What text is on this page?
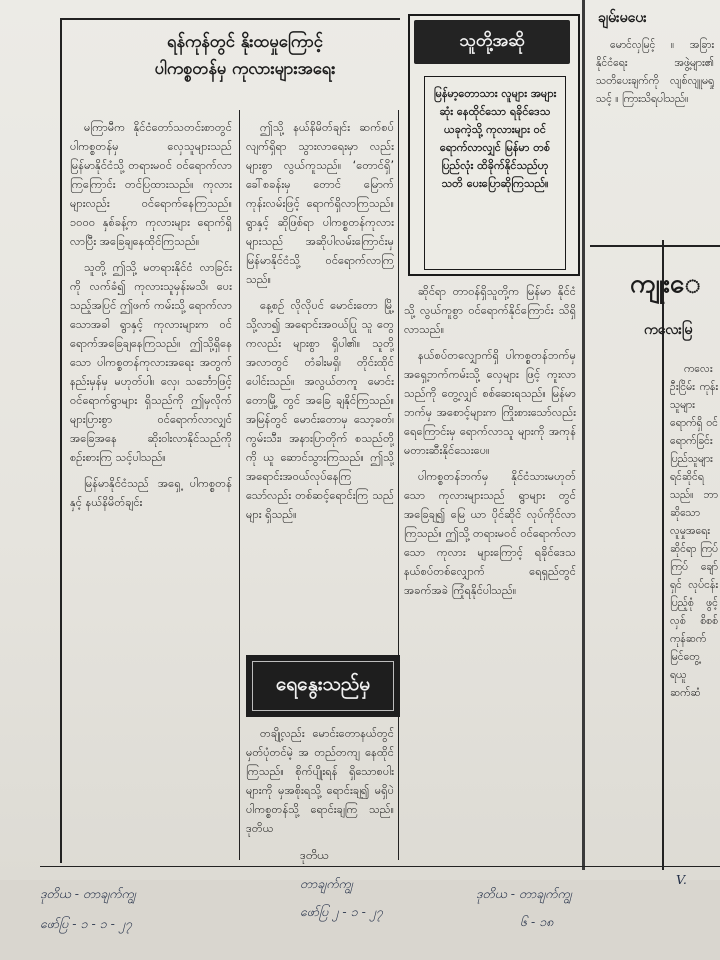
ရန်ကုန်တွင် နိုးထမှုကြောင့်
ပါကစ္စတန်မှ ကုလားများအရေး

မကြာမီက နိုင်ငံတော်သတင်းစာတွင် ပါကစ္စတန်မှ လှေသူများသည် မြန်မာနိုင်ငံသို့ တရားမဝင် ဝင်ရောက်လာကြကြောင်း တင်ပြထားသည်။ ကုလားများလည်း ဝင်ရောက်နေကြသည်။ ၁၀၀၀ နှစ်ခန့်က ကုလားများ ရောက်ရှိလာပြီး အခြေချနေထိုင်ကြသည်။

သူတို့ ဤသို့ မတရားနိုင်ငံ လာခြင်းကို လက်ခံ၍ ကုလားသူမှန်းမသိ၊ ပေးသည့်အပြင် ဤဖက် ကမ်းသို့ ရောက်လာသောအခါ ရွာနှင့် ကုလားများက ဝင်ရောက်အခြေချနေကြသည်။ ဤသို့ရှိနေသော ပါကစ္စတန်ကုလားအရေး အတွက် နည်းမှန်မှ မဟုတ်ပါ။ လှေ၊ သင်္ဘောဖြင့် ဝင်ရောက်ရွာများ ရှိသည်ကို ဤမှလိုက် များပြားစွာ ဝင်ရောက်လာလျှင် အခြေအနေ ဆိုးဝါးလာနိုင်သည်ကို စဉ်းစားကြ သင့်ပါသည်။

မြန်မာနိုင်ငံသည် အရှေ့ ပါကစ္စတန်နှင့် နယ်နိမိတ်ချင်း

ဤသို့ နယ်နိမိတ်ချင်း ဆက်စပ်လျက်ရှိရာ သွားလာရေးမှာ လည်း များစွာ လွယ်ကူသည်။ ‘တောင်ရှိ’ ခေါ်စခန်းမှ တောင် မြောက်ကုန်းလမ်းဖြင့် ရောက်ရှိလာကြသည်။ ရွာနှင့် ဆိုဖြစ်ရာ ပါကစ္စတန်ကုလားများသည် အဆိုပါလမ်းကြောင်းမှ မြန်မာနိုင်ငံသို့ ဝင်ရောက်လာကြသည်။

နေ့စဉ် လိုလိုပင် မောင်းတော မြို့သို့လာ၍ အရောင်းအဝယ်ပြု သူ တွေကလည်း များစွာ ရှိပါ၏။ သူတို့ အလာတွင် တံခါးမရှိ၊ တိုင်းထိုင်ပေါင်းသည်။ အလွယ်တကူ မောင်းတောမြို့ တွင် အခြေ ချနိုင်ကြသည်။ အမြန်တွင် မောင်းတောမှ သော့ခတ်၊ ကွမ်းသီး၊ အနားပြာတိုက် စသည်တို့ကို ယူ ဆောင်သွားကြသည်။ ဤသို့ အရောင်းအဝယ်လုပ်နေကြ သော်လည်း တစ်ဆင့်ရောင်းကြ သည်များ ရှိသည်။

တချို့လည်း မောင်းတောနယ်တွင် မှတ်ပုံတင်မဲ့ အ တည်တကျ နေထိုင်ကြသည်။ စိုက်ပျိုးရန် ရှိသောစပါး များကို မှအစိုးရသို့ ရောင်းချ၍ မရှိပဲ ပါကစ္စတန်သို့ ရောင်းချကြ သည်။ ဒုတိယ

သူတို့အဆို
မြန်မာ့တောသား လူများ အများဆုံး နေထိုင်သော ရခိုင်ဒေသ ယခုကဲ့သို့ ကုလားများ ဝင်ရောက်လာလျှင် မြန်မာ တစ်ပြည်လုံး ထိခိုက်နိုင်သည်ဟု သတိ ပေးပြောဆိုကြသည်။

ဆိုင်ရာ တာဝန်ရှိသူတို့က မြန်မာ နိုင်ငံသို့ လွယ်ကူစွာ ဝင်ရောက်နိုင်ကြောင်း သိရှိလာသည်။

နယ်စပ်တလျှောက်ရှိ ပါကစ္စတန်ဘက်မှ အရှေ့ဘက်ကမ်းသို့ လှေများ ဖြင့် ကူးလာသည်ကို တွေ့လျှင် စစ်ဆေးရသည်။ မြန်မာဘက်မှ အစောင့်များက ကြိုးစားသော်လည်း ရေကြောင်းမှ ရောက်လာသူ များကို အကုန် မတားဆီးနိုင်သေးပေ။

ပါကစ္စတန်ဘက်မှ နိုင်ငံသားမဟုတ်သော ကုလားများသည် ရွာများ တွင် အခြေချ၍ မြေ ယာ ပိုင်ဆိုင် လုပ်ကိုင်လာကြသည်။ ဤသို့ တရားမဝင် ဝင်ရောက်လာသော ကုလား များကြောင့် ရခိုင်ဒေသ နယ်စပ်တစ်လျှောက် ရေရှည်တွင် အခက်အခဲ ကြုံရနိုင်ပါသည်။

ရေနွေးသည်မှ
ဒုတိယ
ချမ်းမပေး

မောင်လှမြင့် ။ အခြား နိုင်ငံရေး အဖွဲ့များ၏ သတိပေးချက်ကို လျစ်လျူမရှုသင့် ။ ကြားသိရပါသည်။

ကျုးေ
ကလေးမြ

ကလေး ဦးငြိမ်း ကုန်းသူများ ရောက်ရှိ ဝင်ရောက်ခြင်း ပြည်သူများ ရင်ဆိုင်ရ သည်။ ဘာ ဆိုသော လူမှုအရေး ဆိုင်ရာ ကြပ်ကြပ် ချော်ရှင် လုပ်ငန်း ပြည့်စုံ ဖွင့်လှစ် စိစစ် ကုန်ဆက် မြင်တွေ့ ရယူ ဆက်ဆံ

ဒုတိယ - တာချက်ကျွ
ဖော်ပြ - ၁ - ၁ - ၂၇
တာချက်ကျွ
ဖော်ပြ ၂ - ၁ - ၂၇
ဒုတိယ - တာချက်ကျွ
၆ - ၁၈
V.
